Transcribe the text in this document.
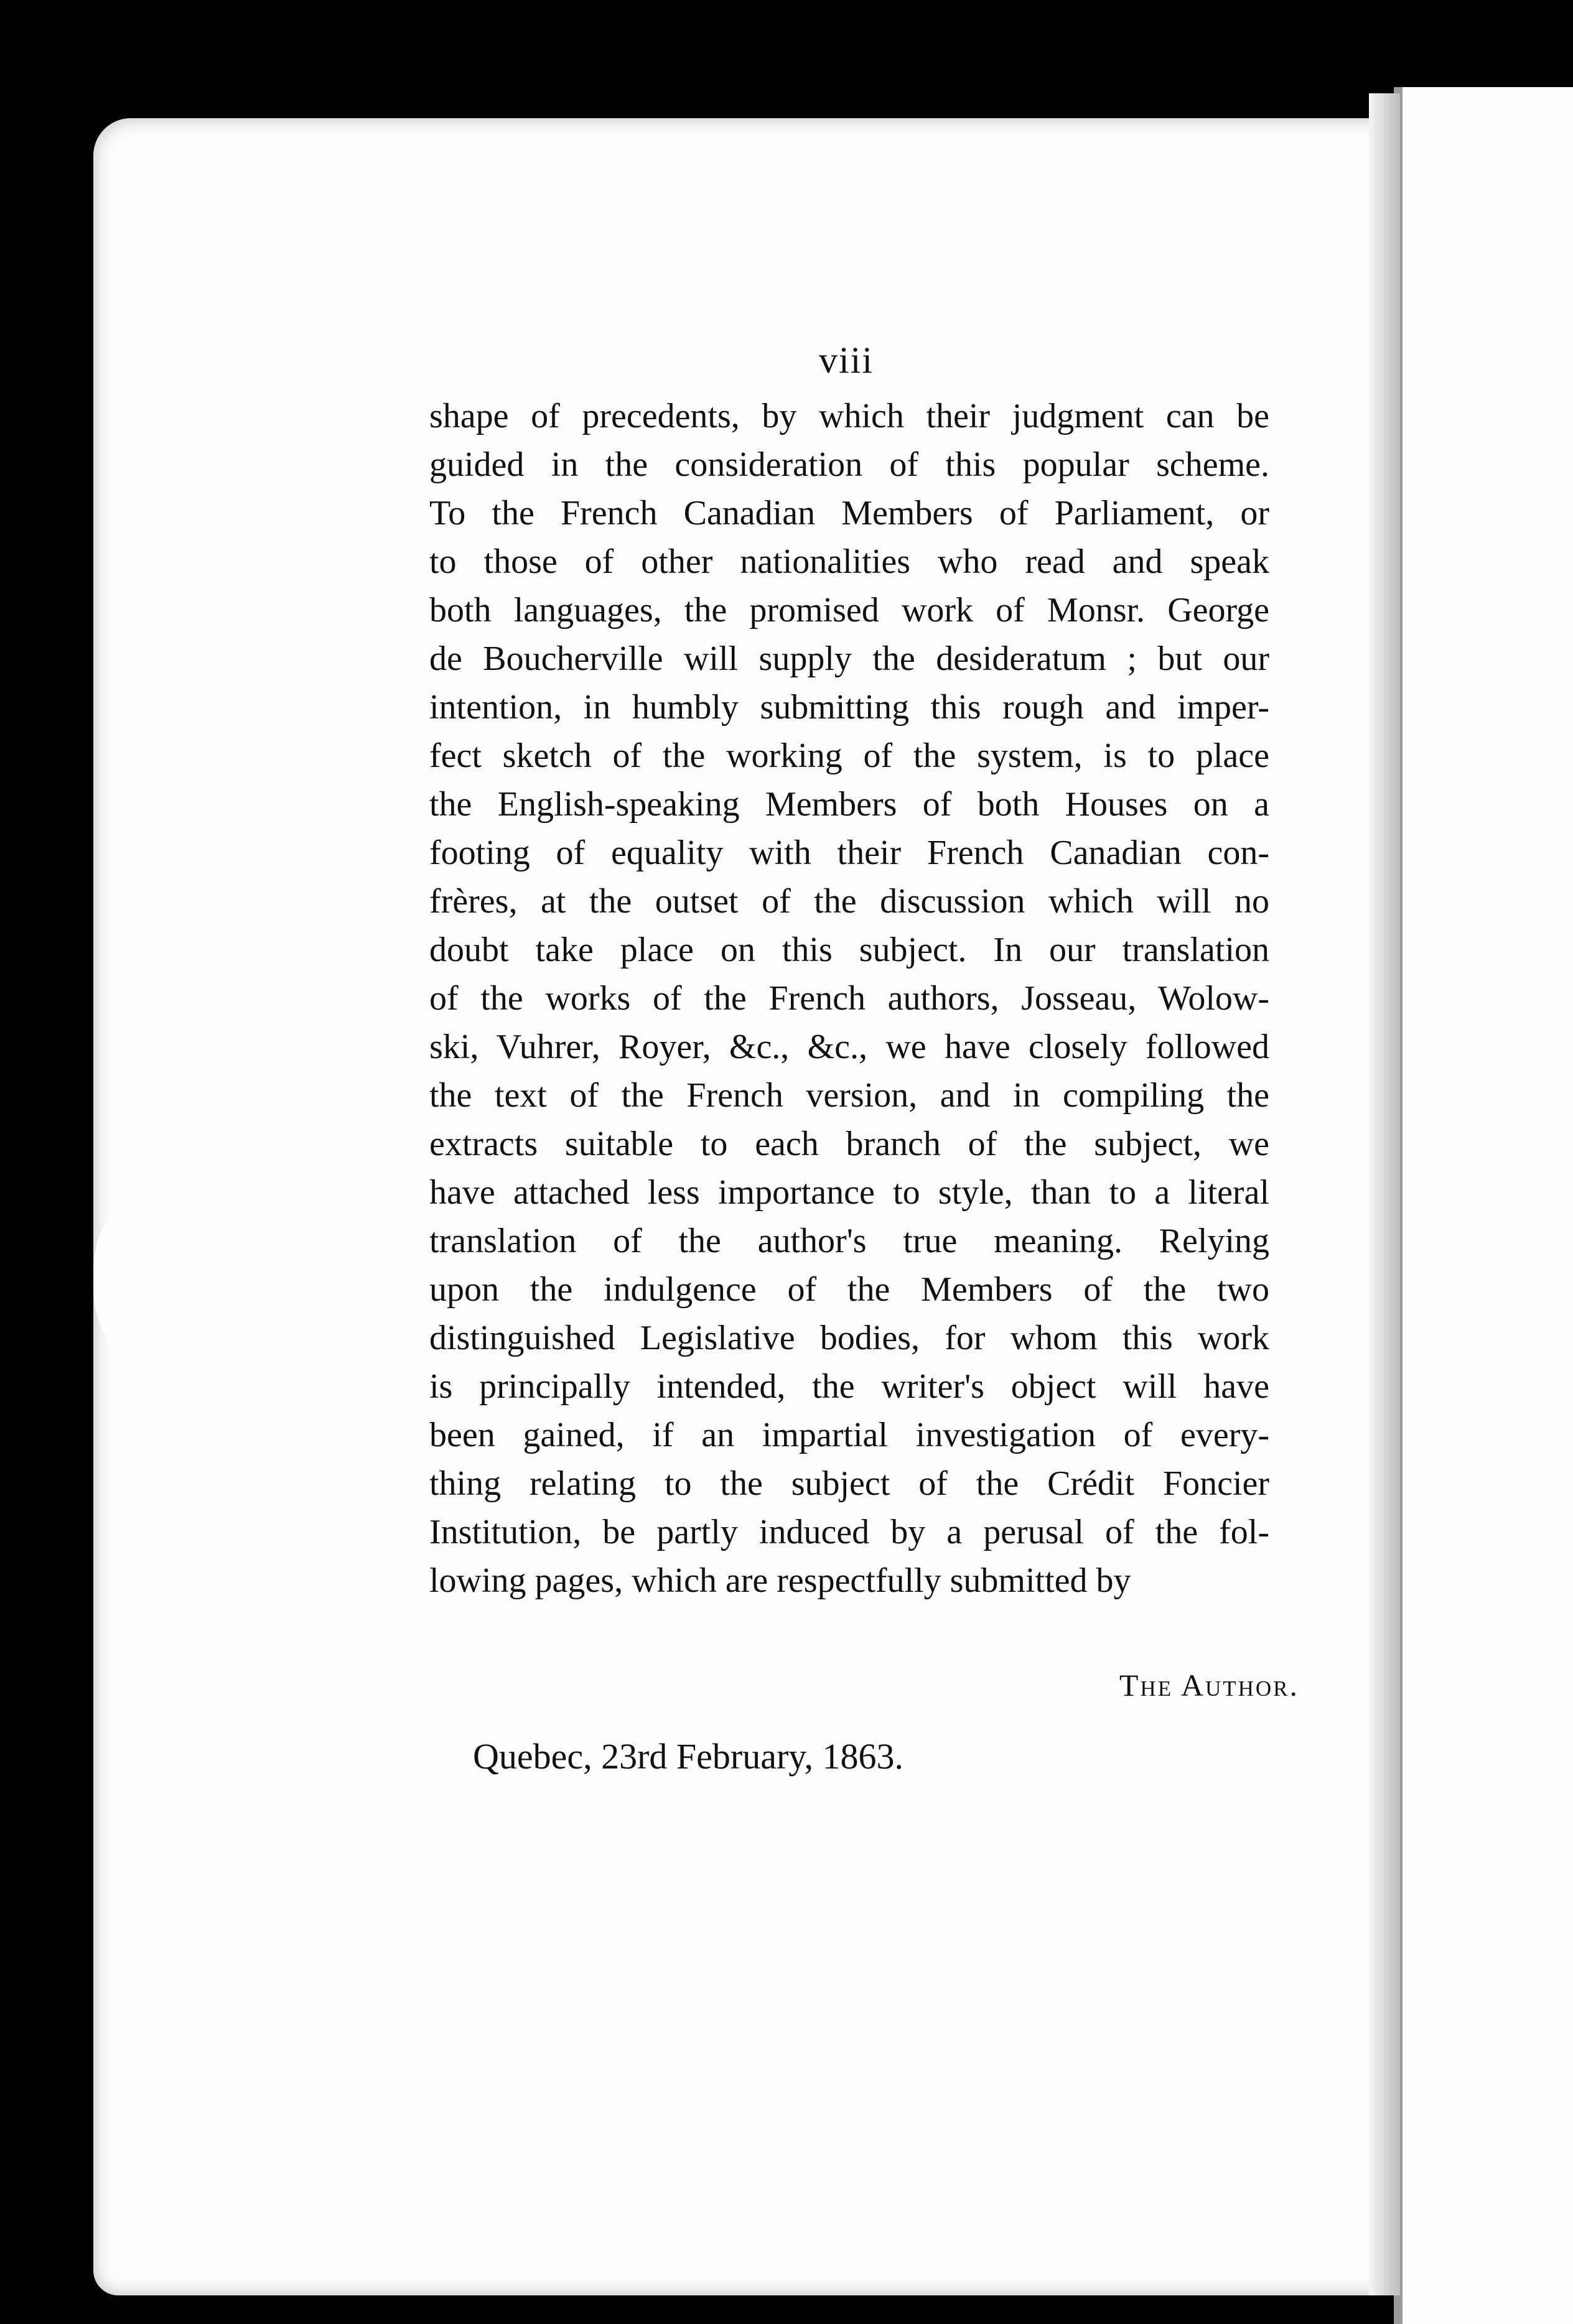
viii
shape of precedents, by which their judgment can be
guided in the consideration of this popular scheme.
To the French Canadian Members of Parliament, or
to those of other nationalities who read and speak
both languages, the promised work of Monsr. George
de Boucherville will supply the desideratum ; but our
intention, in humbly submitting this rough and imper-
fect sketch of the working of the system, is to place
the English-speaking Members of both Houses on a
footing of equality with their French Canadian con-
frères, at the outset of the discussion which will no
doubt take place on this subject. In our translation
of the works of the French authors, Josseau, Wolow-
ski, Vuhrer, Royer, &c., &c., we have closely followed
the text of the French version, and in compiling the
extracts suitable to each branch of the subject, we
have attached less importance to style, than to a literal
translation of the author's true meaning. Relying
upon the indulgence of the Members of the two
distinguished Legislative bodies, for whom this work
is principally intended, the writer's object will have
been gained, if an impartial investigation of every-
thing relating to the subject of the Crédit Foncier
Institution, be partly induced by a perusal of the fol-
lowing pages, which are respectfully submitted by
The Author.
Quebec, 23rd February, 1863.
